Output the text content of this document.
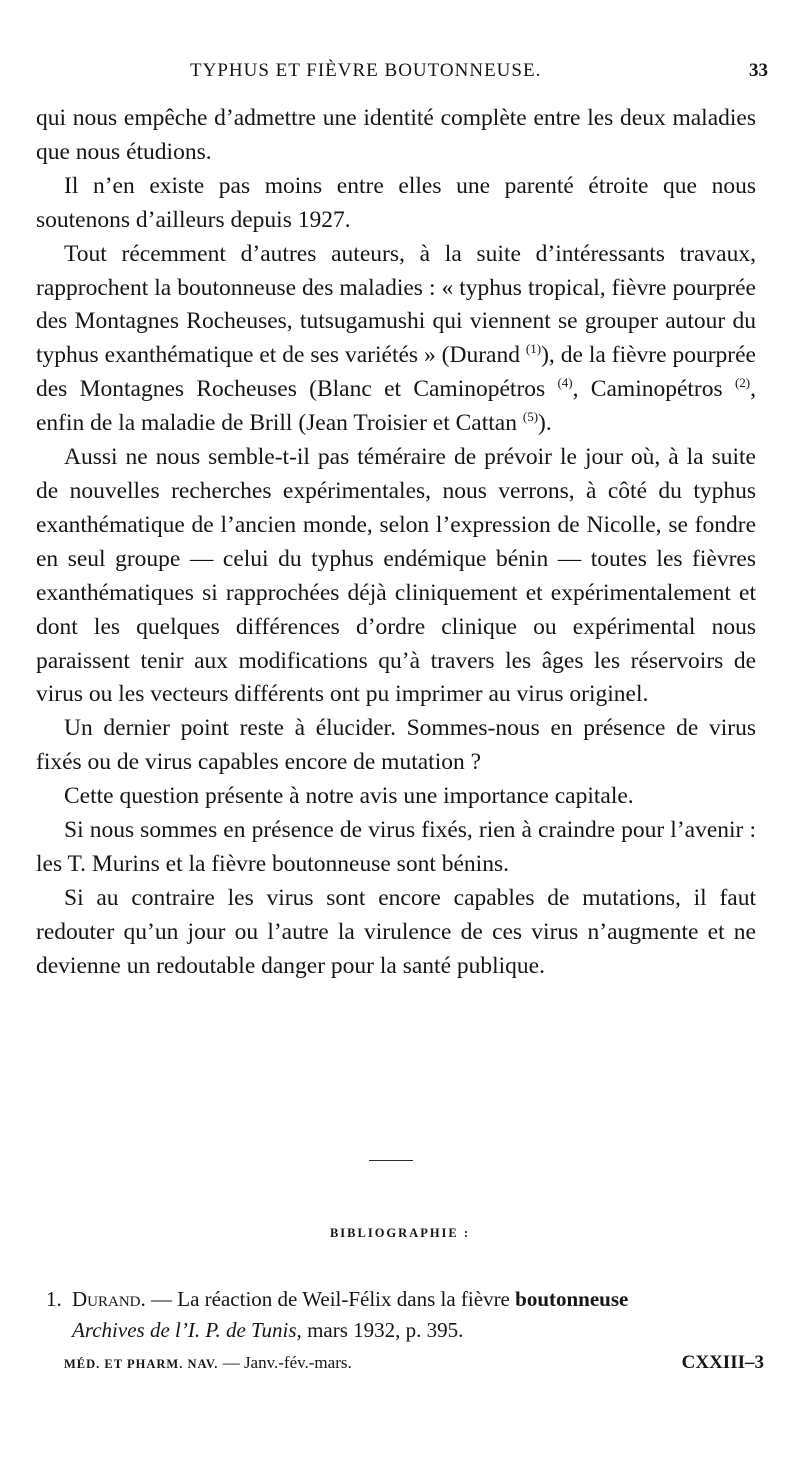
TYPHUS ET FIÈVRE BOUTONNEUSE.	33

qui nous empêche d’admettre une identité complète entre les deux maladies que nous étudions.

Il n’en existe pas moins entre elles une parenté étroite que nous soutenons d’ailleurs depuis 1927.

Tout récemment d’autres auteurs, à la suite d’intéressants travaux, rapprochent la boutonneuse des maladies : « typhus tropical, fièvre pourprée des Montagnes Rocheuses, tutsugamushi qui viennent se grouper autour du typhus exanthématique et de ses variétés » (Durand $^{(1)}$), de la fièvre pourprée des Montagnes Rocheuses (Blanc et Caminopétros $^{(4)}$, Caminopétros $^{(2)}$, enfin de la maladie de Brill (Jean Troisier et Cattan $^{(5)}$).

Aussi ne nous semble-t-il pas téméraire de prévoir le jour où, à la suite de nouvelles recherches expérimentales, nous verrons, à côté du typhus exanthématique de l’ancien monde, selon l’expression de Nicolle, se fondre en seul groupe — celui du typhus endémique bénin — toutes les fièvres exanthématiques si rapprochées déjà cliniquement et expérimentalement et dont les quelques différences d’ordre clinique ou expérimental nous paraissent tenir aux modifications qu’à travers les âges les réservoirs de virus ou les vecteurs différents ont pu imprimer au virus originel.

Un dernier point reste à élucider. Sommes-nous en présence de virus fixés ou de virus capables encore de mutation ?

Cette question présente à notre avis une importance capitale.

Si nous sommes en présence de virus fixés, rien à craindre pour l’avenir : les T. Murins et la fièvre boutonneuse sont bénins.

Si au contraire les virus sont encore capables de mutations, il faut redouter qu’un jour ou l’autre la virulence de ces virus n’augmente et ne devienne un redoutable danger pour la santé publique.

BIBLIOGRAPHIE :
1. Durand. — La réaction de Weil-Félix dans la fièvre boutonneuse
Archives de l’I. P. de Tunis, mars 1932, p. 395.
MÉD. ET PHARM. NAV. — Janv.-fév.-mars.	CXXIII–3
